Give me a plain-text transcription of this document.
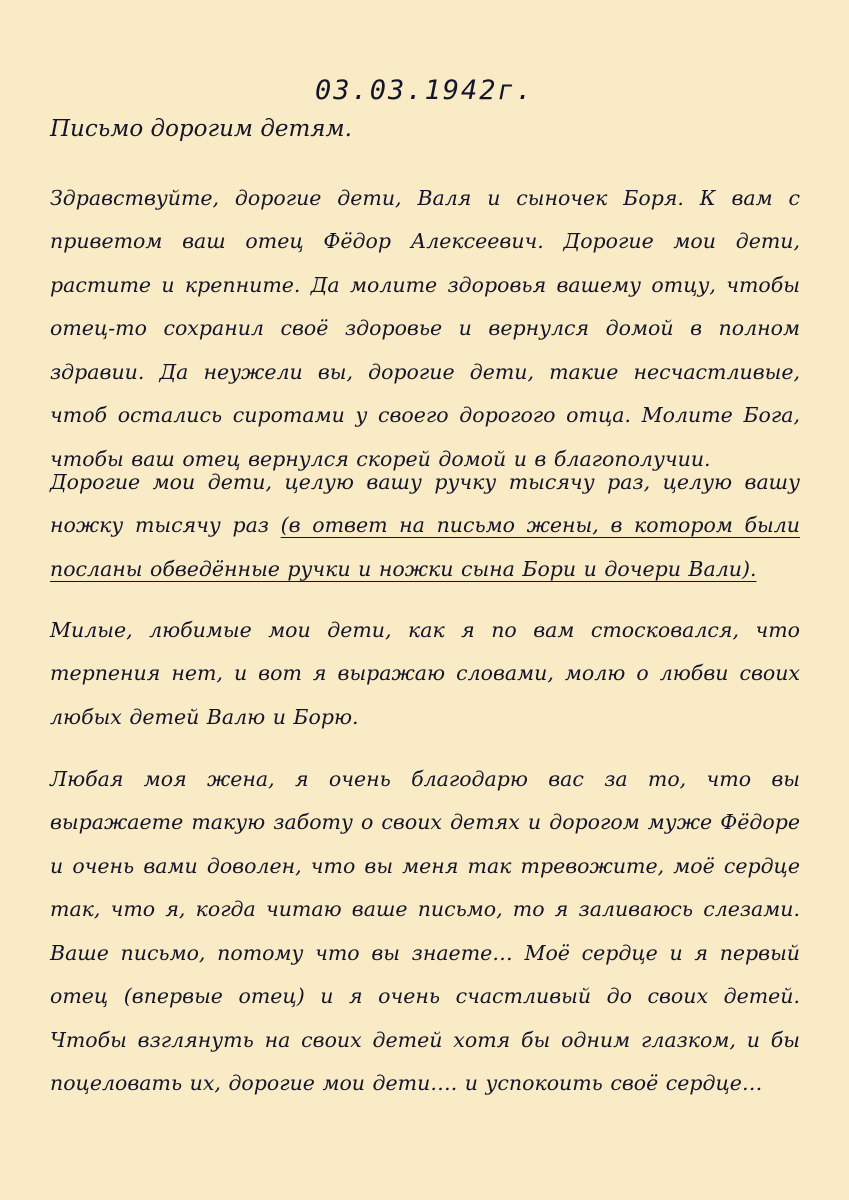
03.03.1942г.
Письмо дорогим детям.

Здравствуйте, дорогие дети, Валя и сыночек Боря. К вам с приветом ваш отец Фёдор Алексеевич. Дорогие мои дети, растите и крепните. Да молите здоровья вашему отцу, чтобы отец-то сохранил своё здоровье и вернулся домой в полном здравии. Да неужели вы, дорогие дети, такие несчастливые, чтоб остались сиротами у своего дорогого отца. Молите Бога, чтобы ваш отец вернулся скорей домой и в благополучии.

Дорогие мои дети, целую вашу ручку тысячу раз, целую вашу ножку тысячу раз (в ответ на письмо жены, в котором были посланы обведённые ручки и ножки сына Бори и дочери Вали).

Милые, любимые мои дети, как я по вам стосковался, что терпения нет, и вот я выражаю словами, молю о любви своих любых детей Валю и Борю.

Любая моя жена, я очень благодарю вас за то, что вы выражаете такую заботу о своих детях и дорогом муже Фёдоре и очень вами доволен, что вы меня так тревожите, моё сердце так, что я, когда читаю ваше письмо, то я заливаюсь слезами. Ваше письмо, потому что вы знаете… Моё сердце и я первый отец (впервые отец) и я очень счастливый до своих детей. Чтобы взглянуть на своих детей хотя бы одним глазком, и бы поцеловать их, дорогие мои дети…. и успокоить своё сердце…
